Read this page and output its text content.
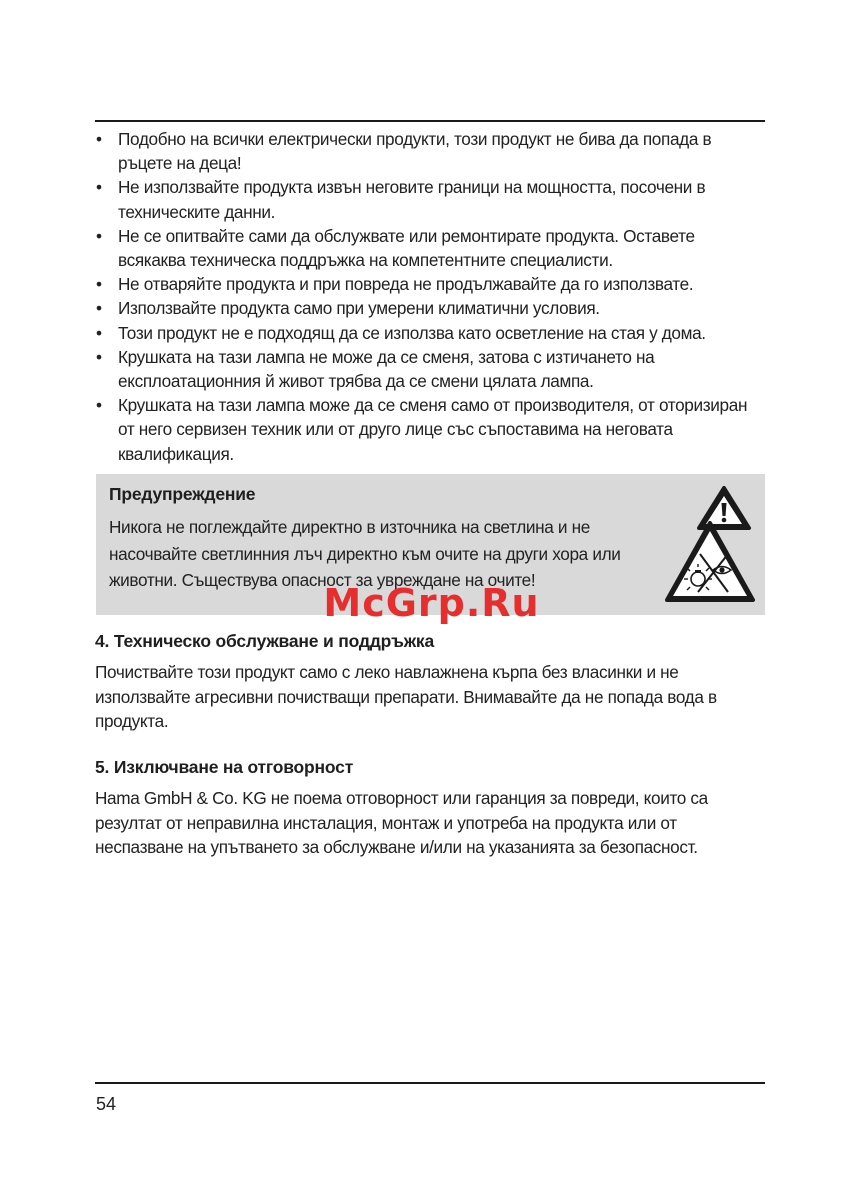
• Подобно на всички електрически продукти, този продукт не бива да попада в ръцете на деца!
• Не използвайте продукта извън неговите граници на мощността, посочени в техническите данни.
• Не се опитвайте сами да обслужвате или ремонтирате продукта. Оставете всякаква техническа поддръжка на компетентните специалисти.
• Не отваряйте продукта и при повреда не продължавайте да го използвате.
• Използвайте продукта само при умерени климатични условия.
• Този продукт не е подходящ да се използва като осветление на стая у дома.
• Крушката на тази лампа не може да се сменя, затова с изтичането на експлоатационния й живот трябва да се смени цялата лампа.
• Крушката на тази лампа може да се сменя само от производителя, от оторизиран от него сервизен техник или от друго лице със съпоставима на неговата квалификация.
Предупреждение

Никога не поглеждайте директно в източника на светлина и не насочвайте светлинния лъч директно към очите на други хора или животни. Съществува опасност за увреждане на очите!

McGrp.Ru
4. Техническо обслужване и поддръжка

Почиствайте този продукт само с леко навлажнена кърпа без власинки и не използвайте агресивни почистващи препарати. Внимавайте да не попада вода в продукта.

5. Изключване на отговорност

Hama GmbH & Co. KG не поема отговорност или гаранция за повреди, които са резултат от неправилна инсталация, монтаж и употреба на продукта или от неспазване на упътването за обслужване и/или на указанията за безопасност.

54
